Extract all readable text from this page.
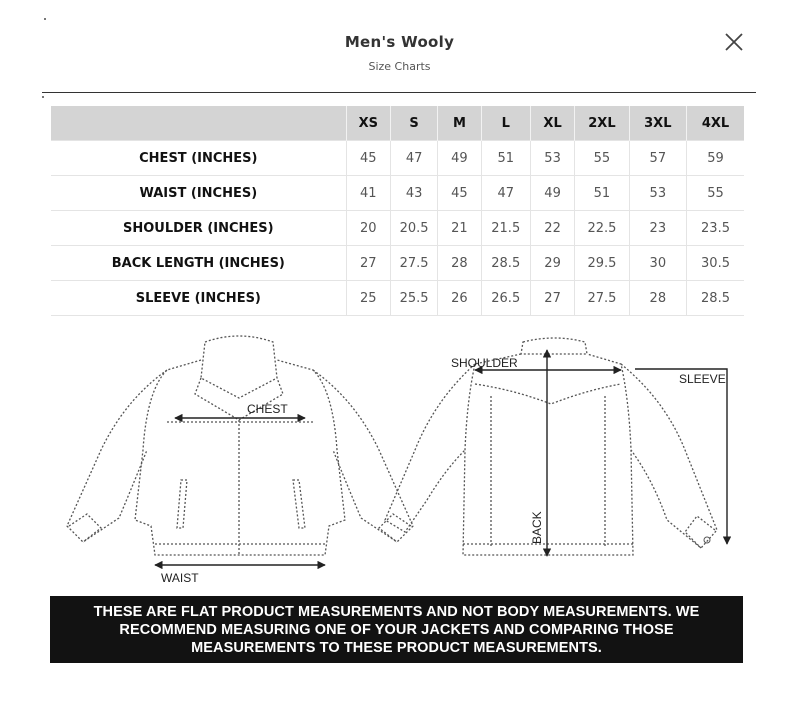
Men's Wooly
Size Charts
	XS	S	M	L	XL	2XL	3XL	4XL
CHEST (INCHES)	45	47	49	51	53	55	57	59
WAIST (INCHES)	41	43	45	47	49	51	53	55
SHOULDER (INCHES)	20	20.5	21	21.5	22	22.5	23	23.5
BACK LENGTH (INCHES)	27	27.5	28	28.5	29	29.5	30	30.5
SLEEVE (INCHES)	25	25.5	26	26.5	27	27.5	28	28.5
CHEST
WAIST
SHOULDER
SLEEVE
BACK
THESE ARE FLAT PRODUCT MEASUREMENTS AND NOT BODY MEASUREMENTS. WE RECOMMEND MEASURING ONE OF YOUR JACKETS AND COMPARING THOSE MEASUREMENTS TO THESE PRODUCT MEASUREMENTS.
